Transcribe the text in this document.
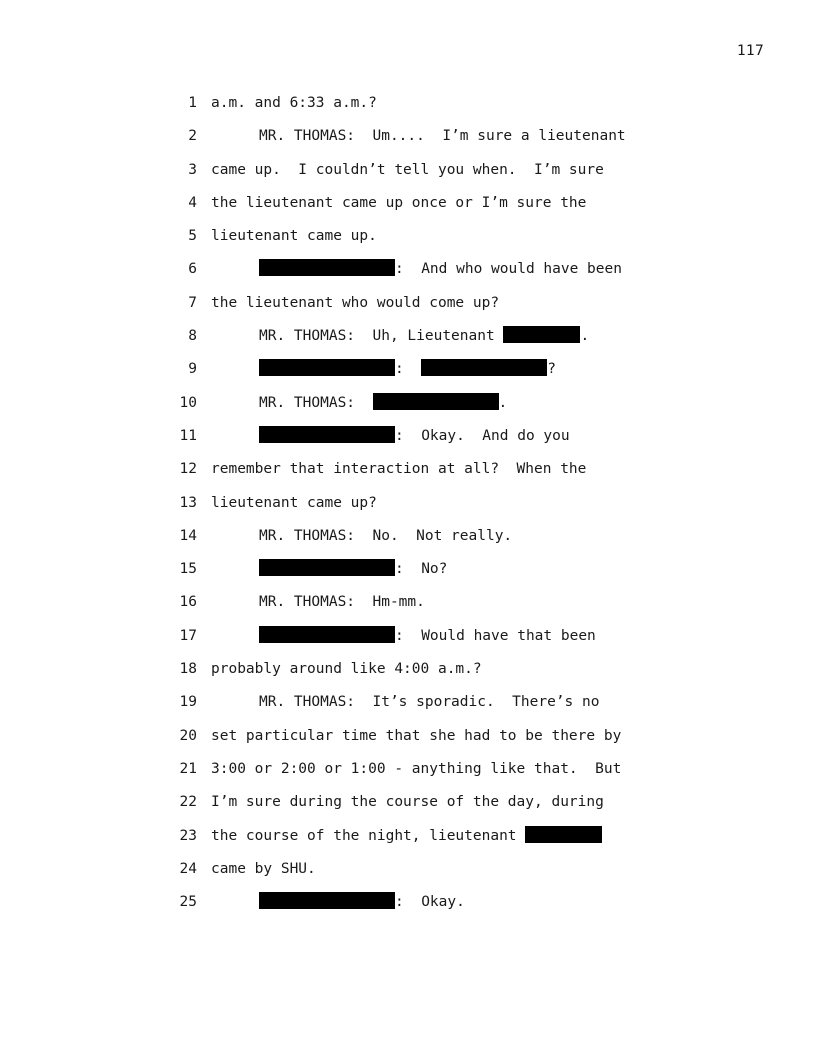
117

1

a.m. and 6:33 a.m.?

2

	MR. THOMAS:  Um....  I’m sure a lieutenant

3

came up.  I couldn’t tell you when.  I’m sure

4

the lieutenant came up once or I’m sure the

5

lieutenant came up.

6

	:  And who would have been

7

the lieutenant who would come up?

8

	MR. THOMAS:  Uh, Lieutenant	.

9

	:	?

10

	MR. THOMAS:	.

11

	:  Okay.  And do you

12

remember that interaction at all?  When the

13

lieutenant came up?

14

	MR. THOMAS:  No.  Not really.

15

	:  No?

16

	MR. THOMAS:  Hm-mm.

17

	:  Would have that been

18

probably around like 4:00 a.m.?

19

	MR. THOMAS:  It’s sporadic.  There’s no

20

set particular time that she had to be there by

21

3:00 or 2:00 or 1:00 - anything like that.  But

22

I’m sure during the course of the day, during

23

the course of the night, lieutenant

24

came by SHU.

25

	:  Okay.
